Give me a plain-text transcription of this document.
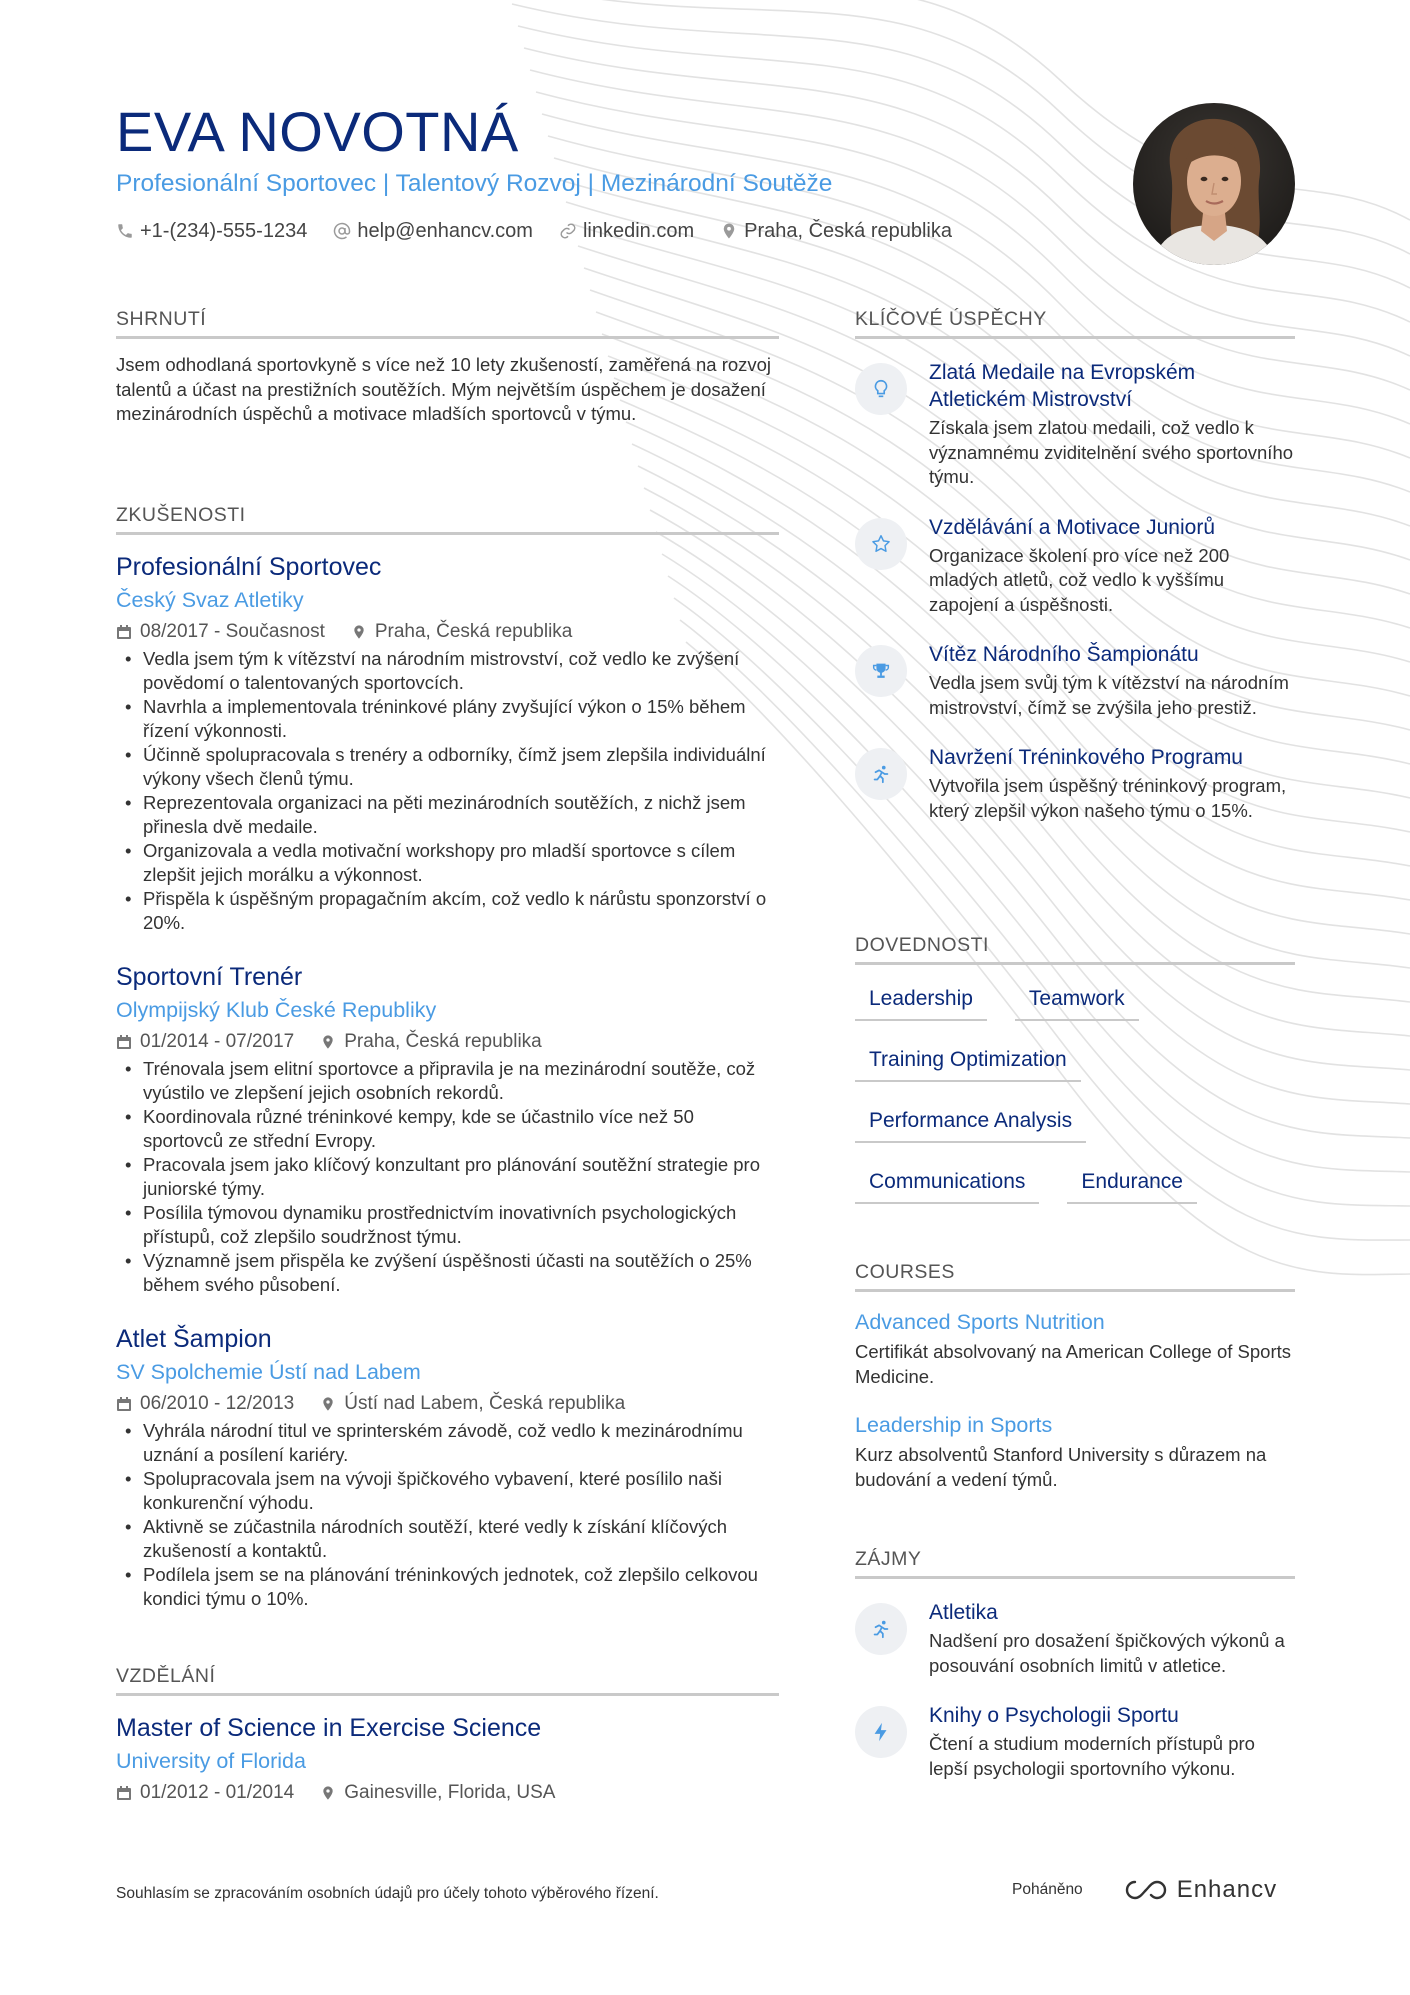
EVA NOVOTNÁ
Profesionální Sportovec | Talentový Rozvoj | Mezinárodní Soutěže
+1-(234)-555-1234	help@enhancv.com	linkedin.com	Praha, Česká republika
SHRNUTÍ
Jsem odhodlaná sportovkyně s více než 10 lety zkušeností, zaměřená na rozvoj talentů a účast na prestižních soutěžích. Mým největším úspěchem je dosažení mezinárodních úspěchů a motivace mladších sportovců v týmu.
ZKUŠENOSTI
Profesionální Sportovec
Český Svaz Atletiky
08/2017 - Současnost	Praha, Česká republika
• Vedla jsem tým k vítězství na národním mistrovství, což vedlo ke zvýšení povědomí o talentovaných sportovcích.
• Navrhla a implementovala tréninkové plány zvyšující výkon o 15% během řízení výkonnosti.
• Účinně spolupracovala s trenéry a odborníky, čímž jsem zlepšila individuální výkony všech členů týmu.
• Reprezentovala organizaci na pěti mezinárodních soutěžích, z nichž jsem přinesla dvě medaile.
• Organizovala a vedla motivační workshopy pro mladší sportovce s cílem zlepšit jejich morálku a výkonnost.
• Přispěla k úspěšným propagačním akcím, což vedlo k nárůstu sponzorství o 20%.
Sportovní Trenér
Olympijský Klub České Republiky
01/2014 - 07/2017	Praha, Česká republika
• Trénovala jsem elitní sportovce a připravila je na mezinárodní soutěže, což vyústilo ve zlepšení jejich osobních rekordů.
• Koordinovala různé tréninkové kempy, kde se účastnilo více než 50 sportovců ze střední Evropy.
• Pracovala jsem jako klíčový konzultant pro plánování soutěžní strategie pro juniorské týmy.
• Posílila týmovou dynamiku prostřednictvím inovativních psychologických přístupů, což zlepšilo soudržnost týmu.
• Významně jsem přispěla ke zvýšení úspěšnosti účasti na soutěžích o 25% během svého působení.
Atlet Šampion
SV Spolchemie Ústí nad Labem
06/2010 - 12/2013	Ústí nad Labem, Česká republika
• Vyhrála národní titul ve sprinterském závodě, což vedlo k mezinárodnímu uznání a posílení kariéry.
• Spolupracovala jsem na vývoji špičkového vybavení, které posílilo naši konkurenční výhodu.
• Aktivně se zúčastnila národních soutěží, které vedly k získání klíčových zkušeností a kontaktů.
• Podílela jsem se na plánování tréninkových jednotek, což zlepšilo celkovou kondici týmu o 10%.
VZDĚLÁNÍ
Master of Science in Exercise Science
University of Florida
01/2012 - 01/2014	Gainesville, Florida, USA
KLÍČOVÉ ÚSPĚCHY
Zlatá Medaile na Evropském Atletickém Mistrovství
Získala jsem zlatou medaili, což vedlo k významnému zviditelnění svého sportovního týmu.
Vzdělávání a Motivace Juniorů
Organizace školení pro více než 200 mladých atletů, což vedlo k vyššímu zapojení a úspěšnosti.
Vítěz Národního Šampionátu
Vedla jsem svůj tým k vítězství na národním mistrovství, čímž se zvýšila jeho prestiž.
Navržení Tréninkového Programu
Vytvořila jsem úspěšný tréninkový program, který zlepšil výkon našeho týmu o 15%.
DOVEDNOSTI
Leadership	Teamwork
Training Optimization
Performance Analysis
Communications	Endurance
COURSES
Advanced Sports Nutrition
Certifikát absolvovaný na American College of Sports Medicine.
Leadership in Sports
Kurz absolventů Stanford University s důrazem na budování a vedení týmů.
ZÁJMY
Atletika
Nadšení pro dosažení špičkových výkonů a posouvání osobních limitů v atletice.
Knihy o Psychologii Sportu
Čtení a studium moderních přístupů pro lepší psychologii sportovního výkonu.
Souhlasím se zpracováním osobních údajů pro účely tohoto výběrového řízení.	Poháněno	Enhancv
